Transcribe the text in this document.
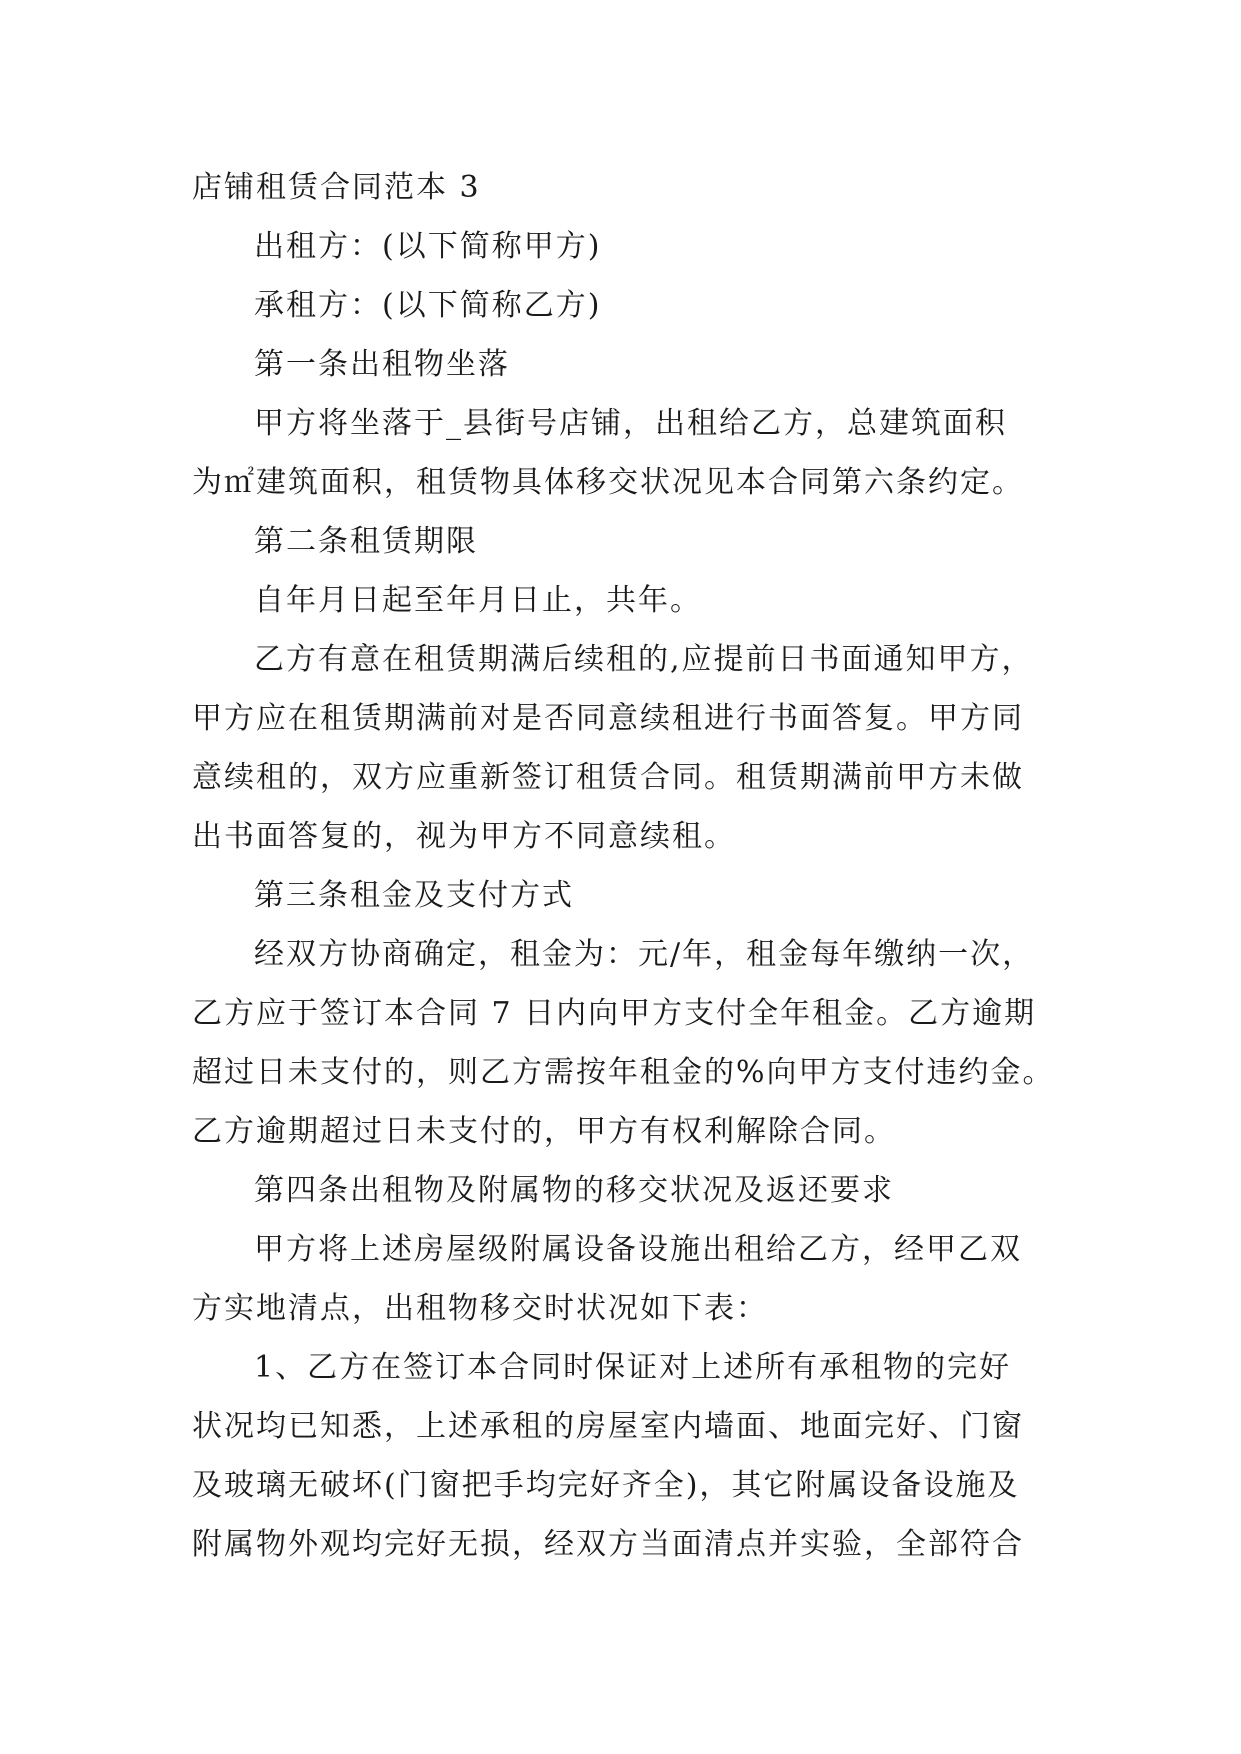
店铺租赁合同范本 3

出租方：(以下简称甲方)

承租方：(以下简称乙方)

第一条出租物坐落

甲方将坐落于_县街号店铺，出租给乙方，总建筑面积
为㎡建筑面积，租赁物具体移交状况见本合同第六条约定。

第二条租赁期限

自年月日起至年月日止，共年。

乙方有意在租赁期满后续租的,应提前日书面通知甲方，
甲方应在租赁期满前对是否同意续租进行书面答复。甲方同
意续租的，双方应重新签订租赁合同。租赁期满前甲方未做
出书面答复的，视为甲方不同意续租。

第三条租金及支付方式

经双方协商确定，租金为：元/年，租金每年缴纳一次，
乙方应于签订本合同 7 日内向甲方支付全年租金。乙方逾期
超过日未支付的，则乙方需按年租金的%向甲方支付违约金。
乙方逾期超过日未支付的，甲方有权利解除合同。

第四条出租物及附属物的移交状况及返还要求

甲方将上述房屋级附属设备设施出租给乙方，经甲乙双
方实地清点，出租物移交时状况如下表：

1、乙方在签订本合同时保证对上述所有承租物的完好
状况均已知悉，上述承租的房屋室内墙面、地面完好、门窗
及玻璃无破坏(门窗把手均完好齐全)，其它附属设备设施及
附属物外观均完好无损，经双方当面清点并实验，全部符合
